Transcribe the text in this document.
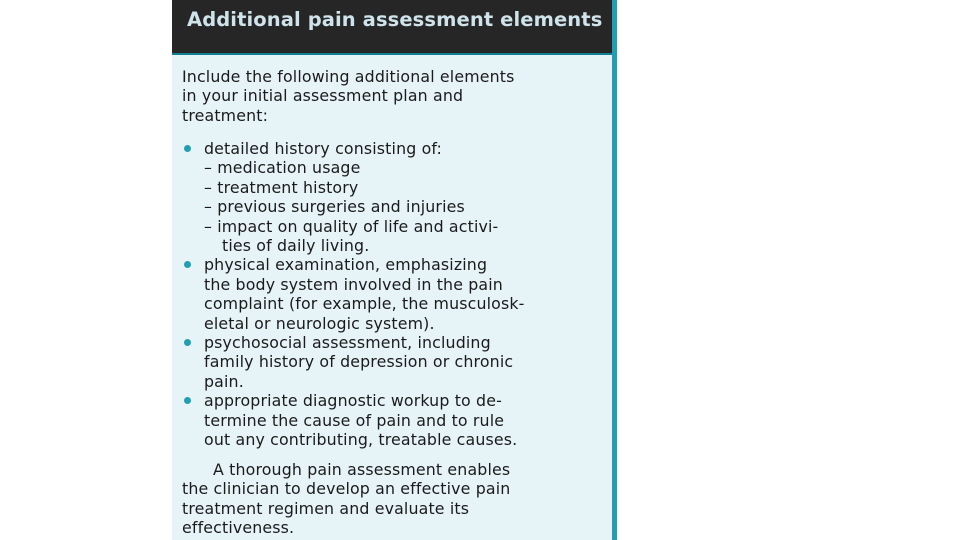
Additional pain assessment elements

Include the following additional elements
in your initial assessment plan and
treatment:

detailed history consisting of:
– medication usage
– treatment history
– previous surgeries and injuries
– impact on quality of life and activi-
ties of daily living.
physical examination, emphasizing
the body system involved in the pain
complaint (for example, the musculosk-
eletal or neurologic system).
psychosocial assessment, including
family history of depression or chronic
pain.
appropriate diagnostic workup to de-
termine the cause of pain and to rule
out any contributing, treatable causes.

A thorough pain assessment enables
the clinician to develop an effective pain
treatment regimen and evaluate its
effectiveness.
